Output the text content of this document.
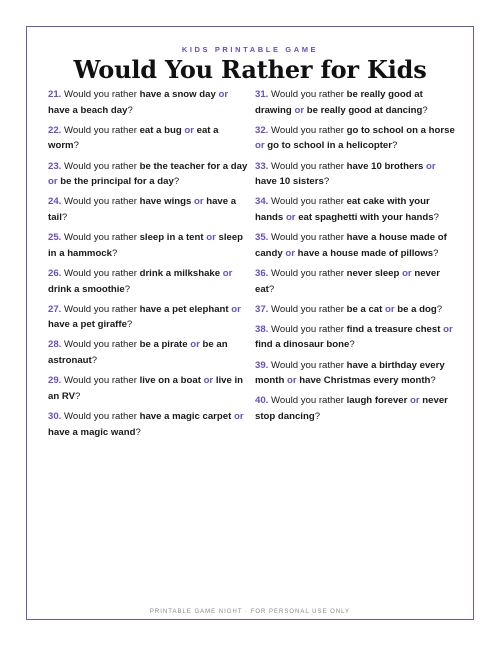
KIDS PRINTABLE GAME
Would You Rather for Kids

21. Would you rather have a snow day or have a beach day?

22. Would you rather eat a bug or eat a worm?

23. Would you rather be the teacher for a day or be the principal for a day?

24. Would you rather have wings or have a tail?

25. Would you rather sleep in a tent or sleep in a hammock?

26. Would you rather drink a milkshake or drink a smoothie?

27. Would you rather have a pet elephant or have a pet giraffe?

28. Would you rather be a pirate or be an astronaut?

29. Would you rather live on a boat or live in an RV?

30. Would you rather have a magic carpet or have a magic wand?

31. Would you rather be really good at drawing or be really good at dancing?

32. Would you rather go to school on a horse or go to school in a helicopter?

33. Would you rather have 10 brothers or have 10 sisters?

34. Would you rather eat cake with your hands or eat spaghetti with your hands?

35. Would you rather have a house made of candy or have a house made of pillows?

36. Would you rather never sleep or never eat?

37. Would you rather be a cat or be a dog?

38. Would you rather find a treasure chest or find a dinosaur bone?

39. Would you rather have a birthday every month or have Christmas every month?

40. Would you rather laugh forever or never stop dancing?

PRINTABLE GAME NIGHT · FOR PERSONAL USE ONLY
